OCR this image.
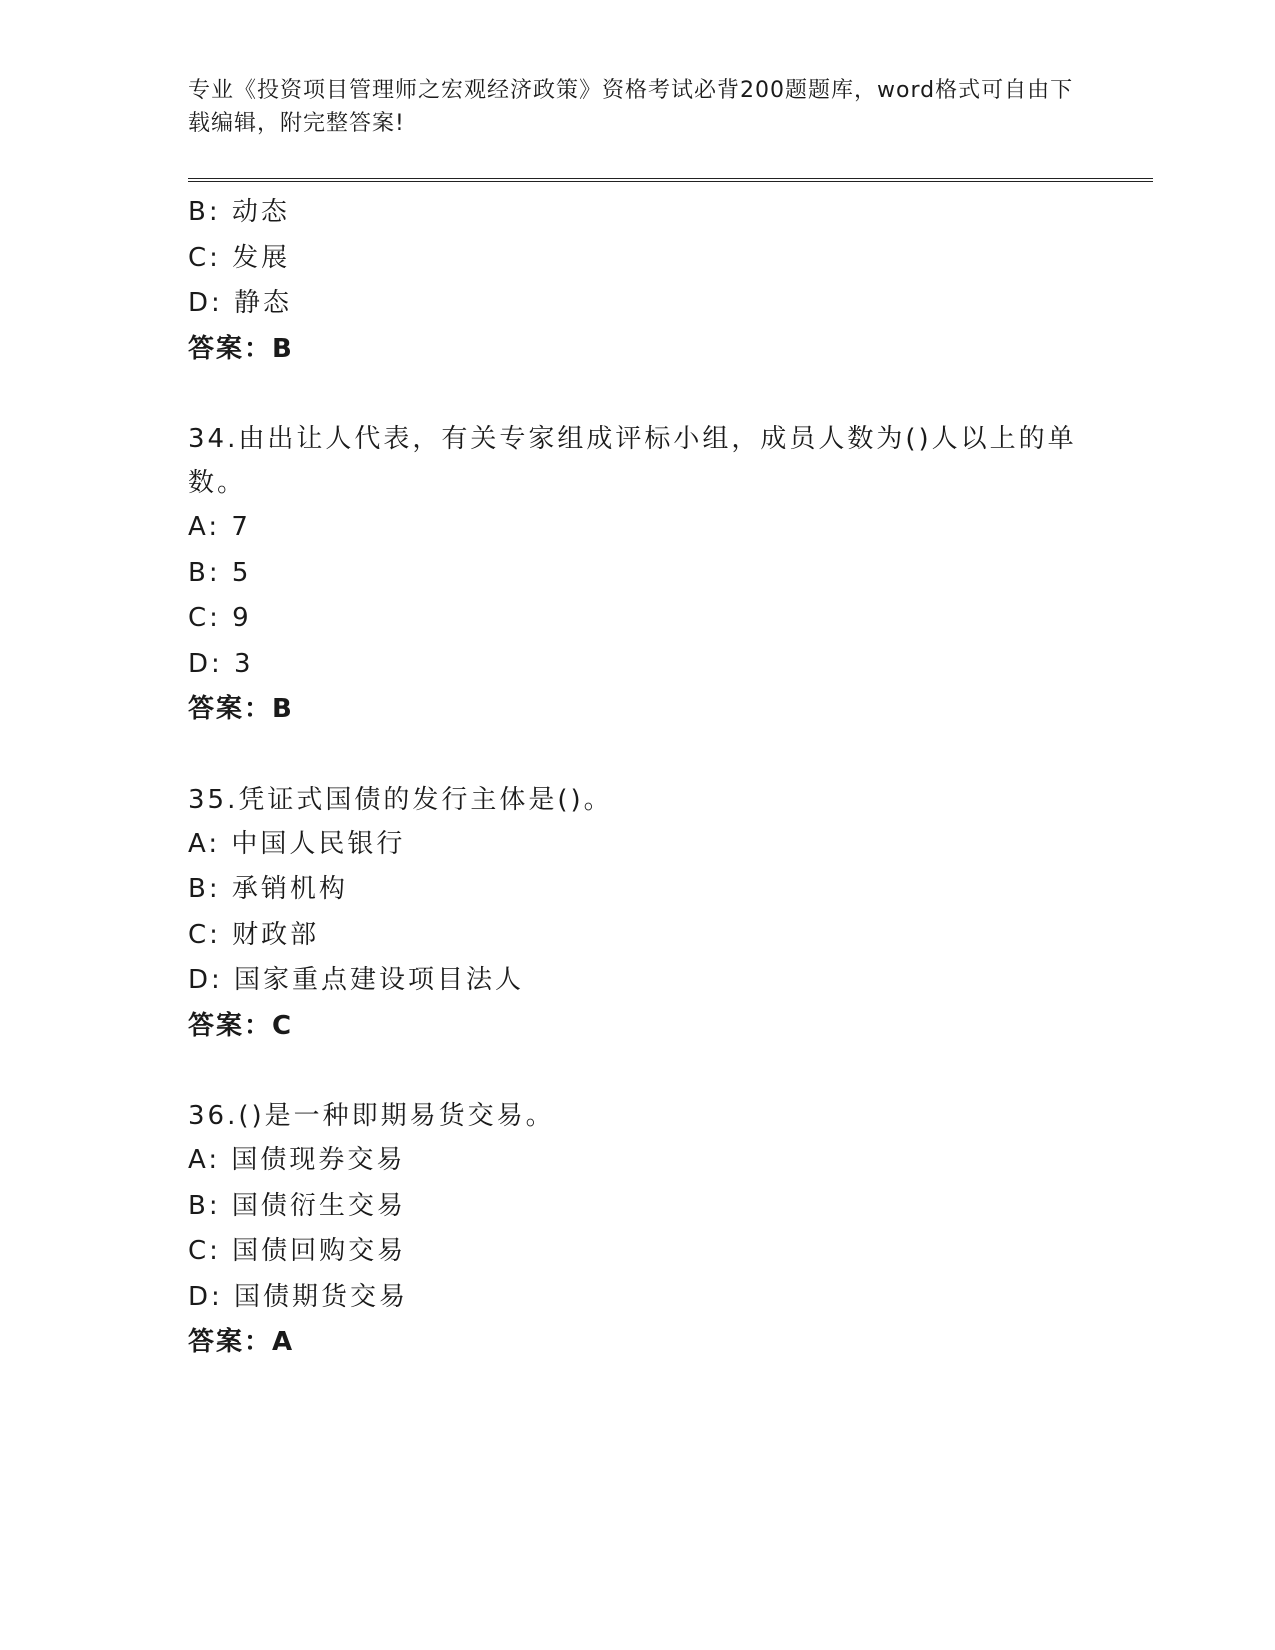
专业《投资项目管理师之宏观经济政策》资格考试必背200题题库，word格式可自由下载编辑，附完整答案!
B: 动态
C: 发展
D: 静态
答案：B
34.由出让人代表，有关专家组成评标小组，成员人数为()人以上的单数。
A: 7
B: 5
C: 9
D: 3
答案：B
35.凭证式国债的发行主体是()。
A: 中国人民银行
B: 承销机构
C: 财政部
D: 国家重点建设项目法人
答案：C
36.()是一种即期易货交易。
A: 国债现券交易
B: 国债衍生交易
C: 国债回购交易
D: 国债期货交易
答案：A
